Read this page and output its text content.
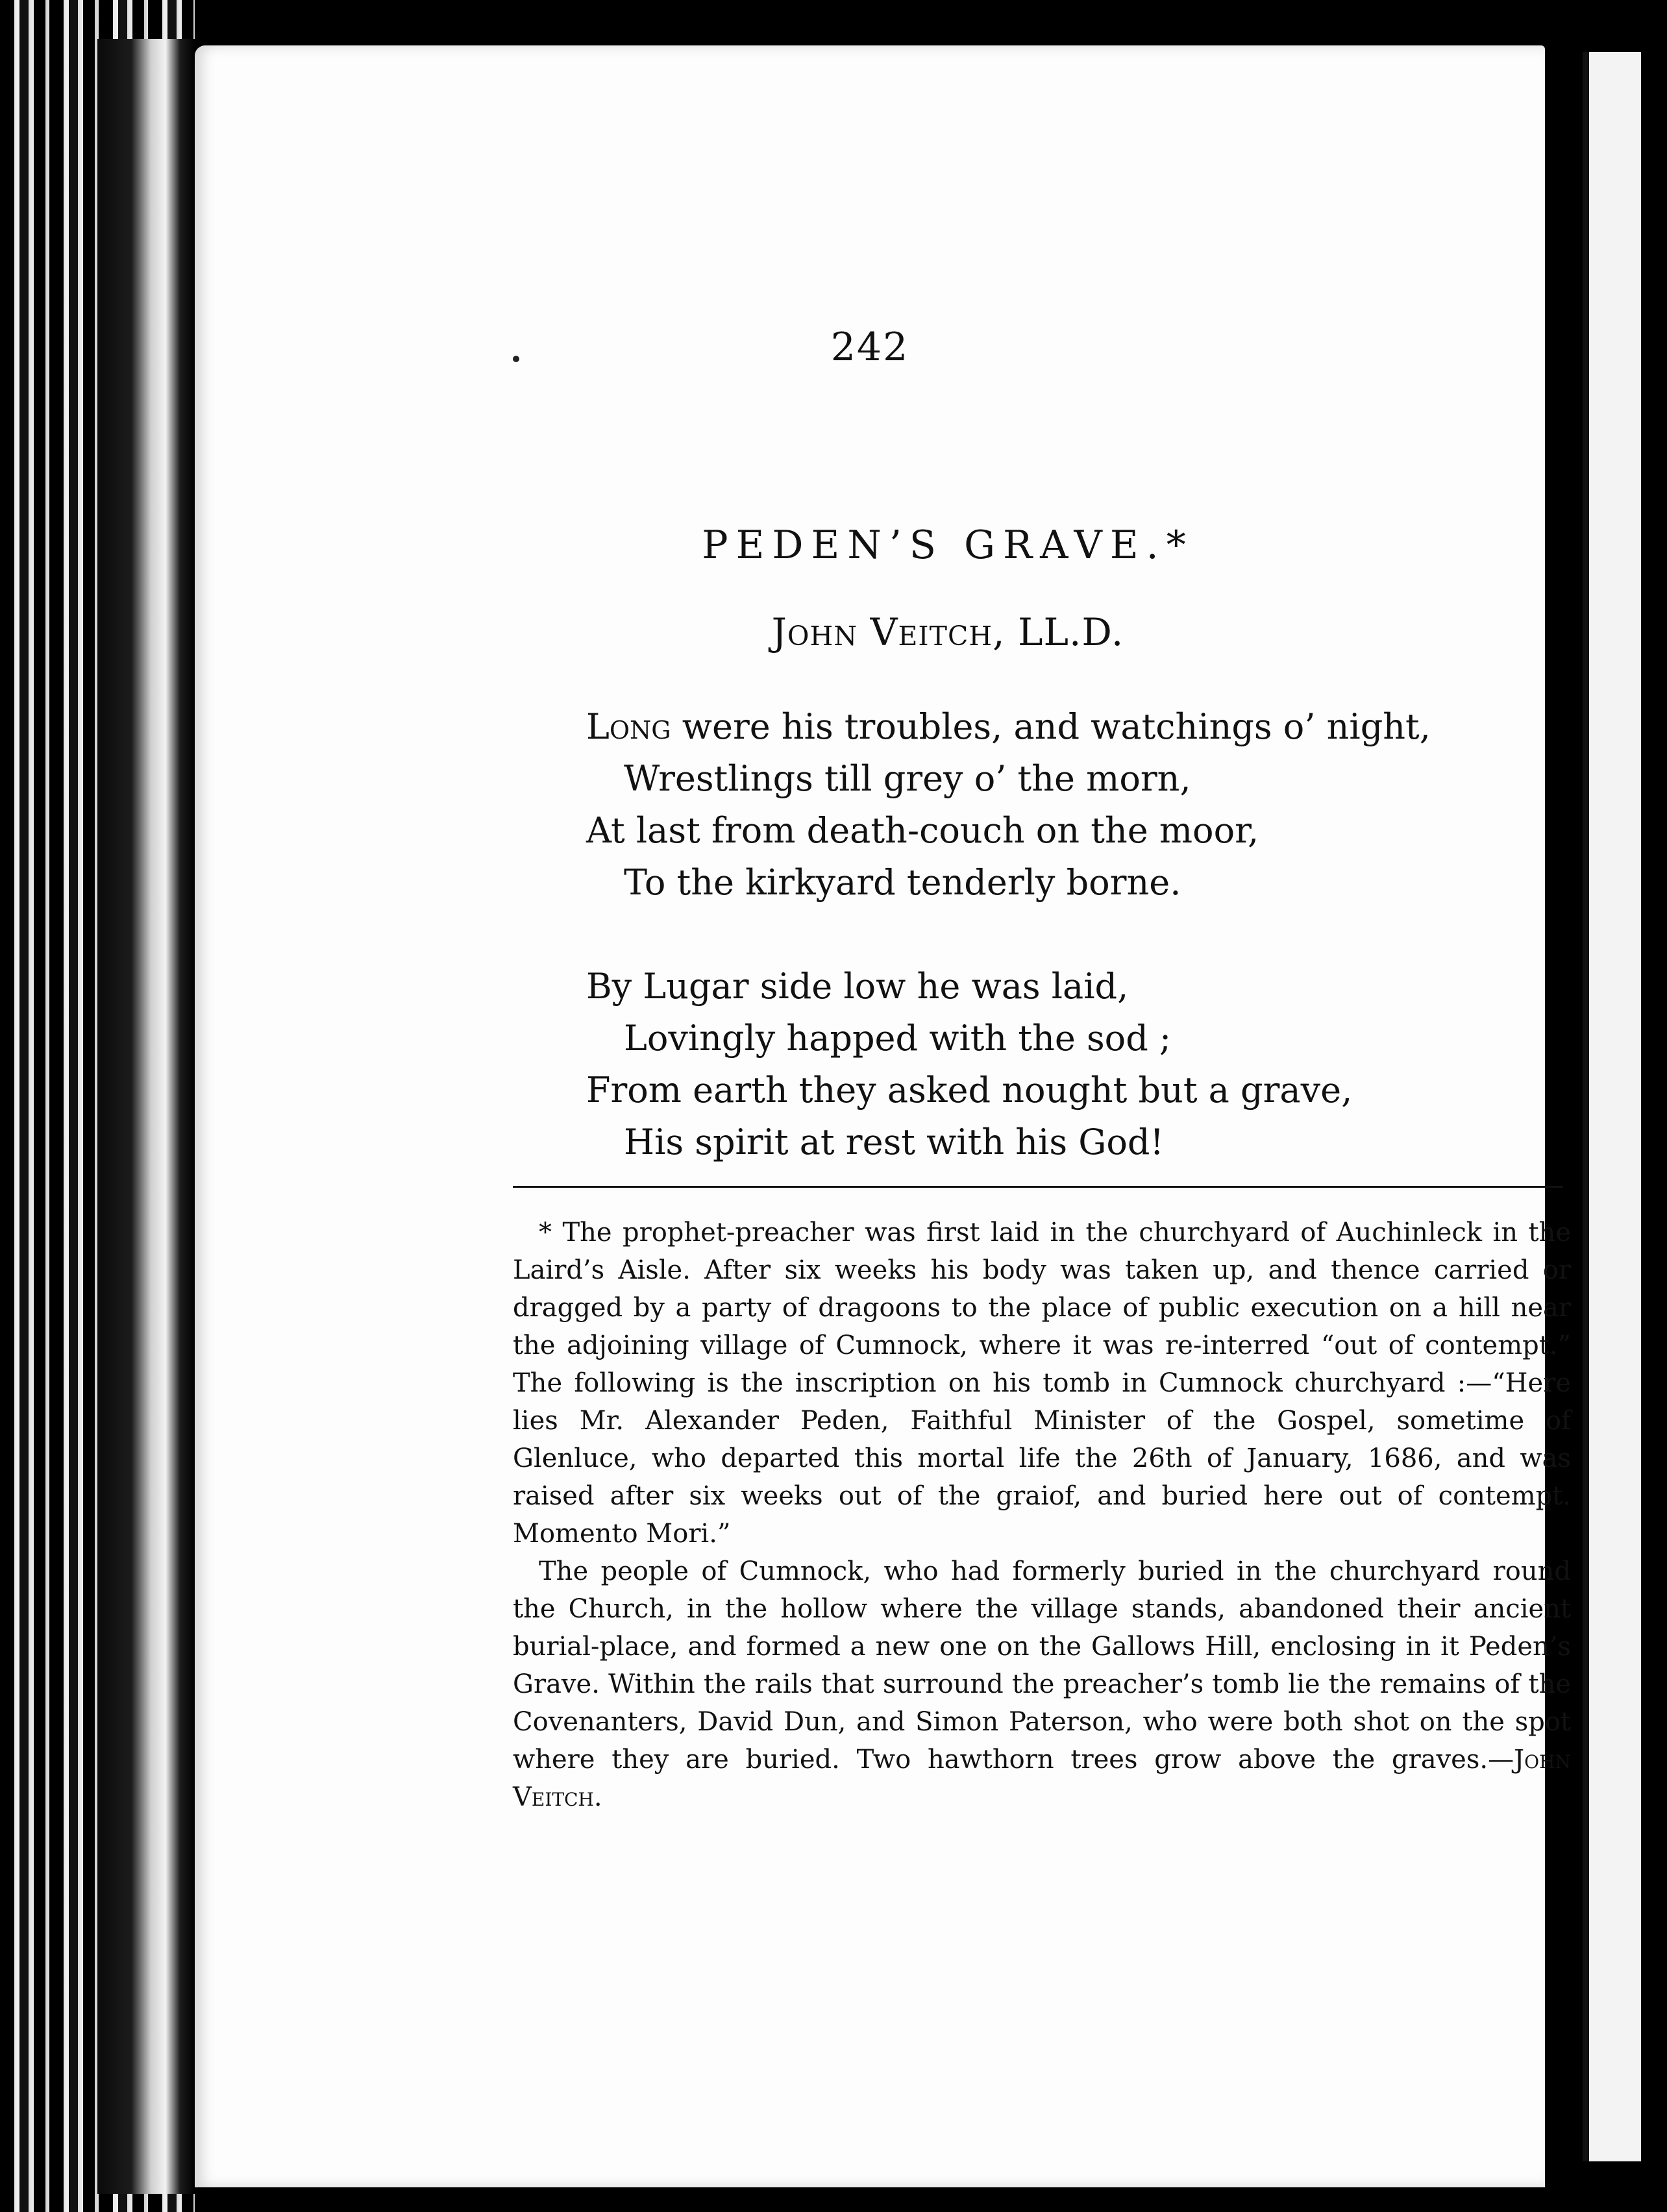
242
PEDEN’S GRAVE.*
John Veitch, LL.D.
Long were his troubles, and watchings o’ night,
Wrestlings till grey o’ the morn,
At last from death-couch on the moor,
To the kirkyard tenderly borne.
By Lugar side low he was laid,
Lovingly happed with the sod ;
From earth they asked nought but a grave,
His spirit at rest with his God!

* The prophet-preacher was first laid in the churchyard of Auchinleck in the Laird’s Aisle. After six weeks his body was taken up, and thence carried or dragged by a party of dragoons to the place of public execution on a hill near the adjoining village of Cumnock, where it was re-interred “out of contempt.” The following is the inscription on his tomb in Cumnock churchyard :—“Here lies Mr. Alexander Peden, Faithful Minister of the Gospel, sometime of Glenluce, who departed this mortal life the 26th of January, 1686, and was raised after six weeks out of the graiof, and buried here out of contempt. Momento Mori.”

The people of Cumnock, who had formerly buried in the churchyard round the Church, in the hollow where the village stands, abandoned their ancient burial-place, and formed a new one on the Gallows Hill, enclosing in it Peden’s Grave. Within the rails that surround the preacher’s tomb lie the remains of the Covenanters, David Dun, and Simon Paterson, who were both shot on the spot where they are buried. Two hawthorn trees grow above the graves.—John Veitch.
